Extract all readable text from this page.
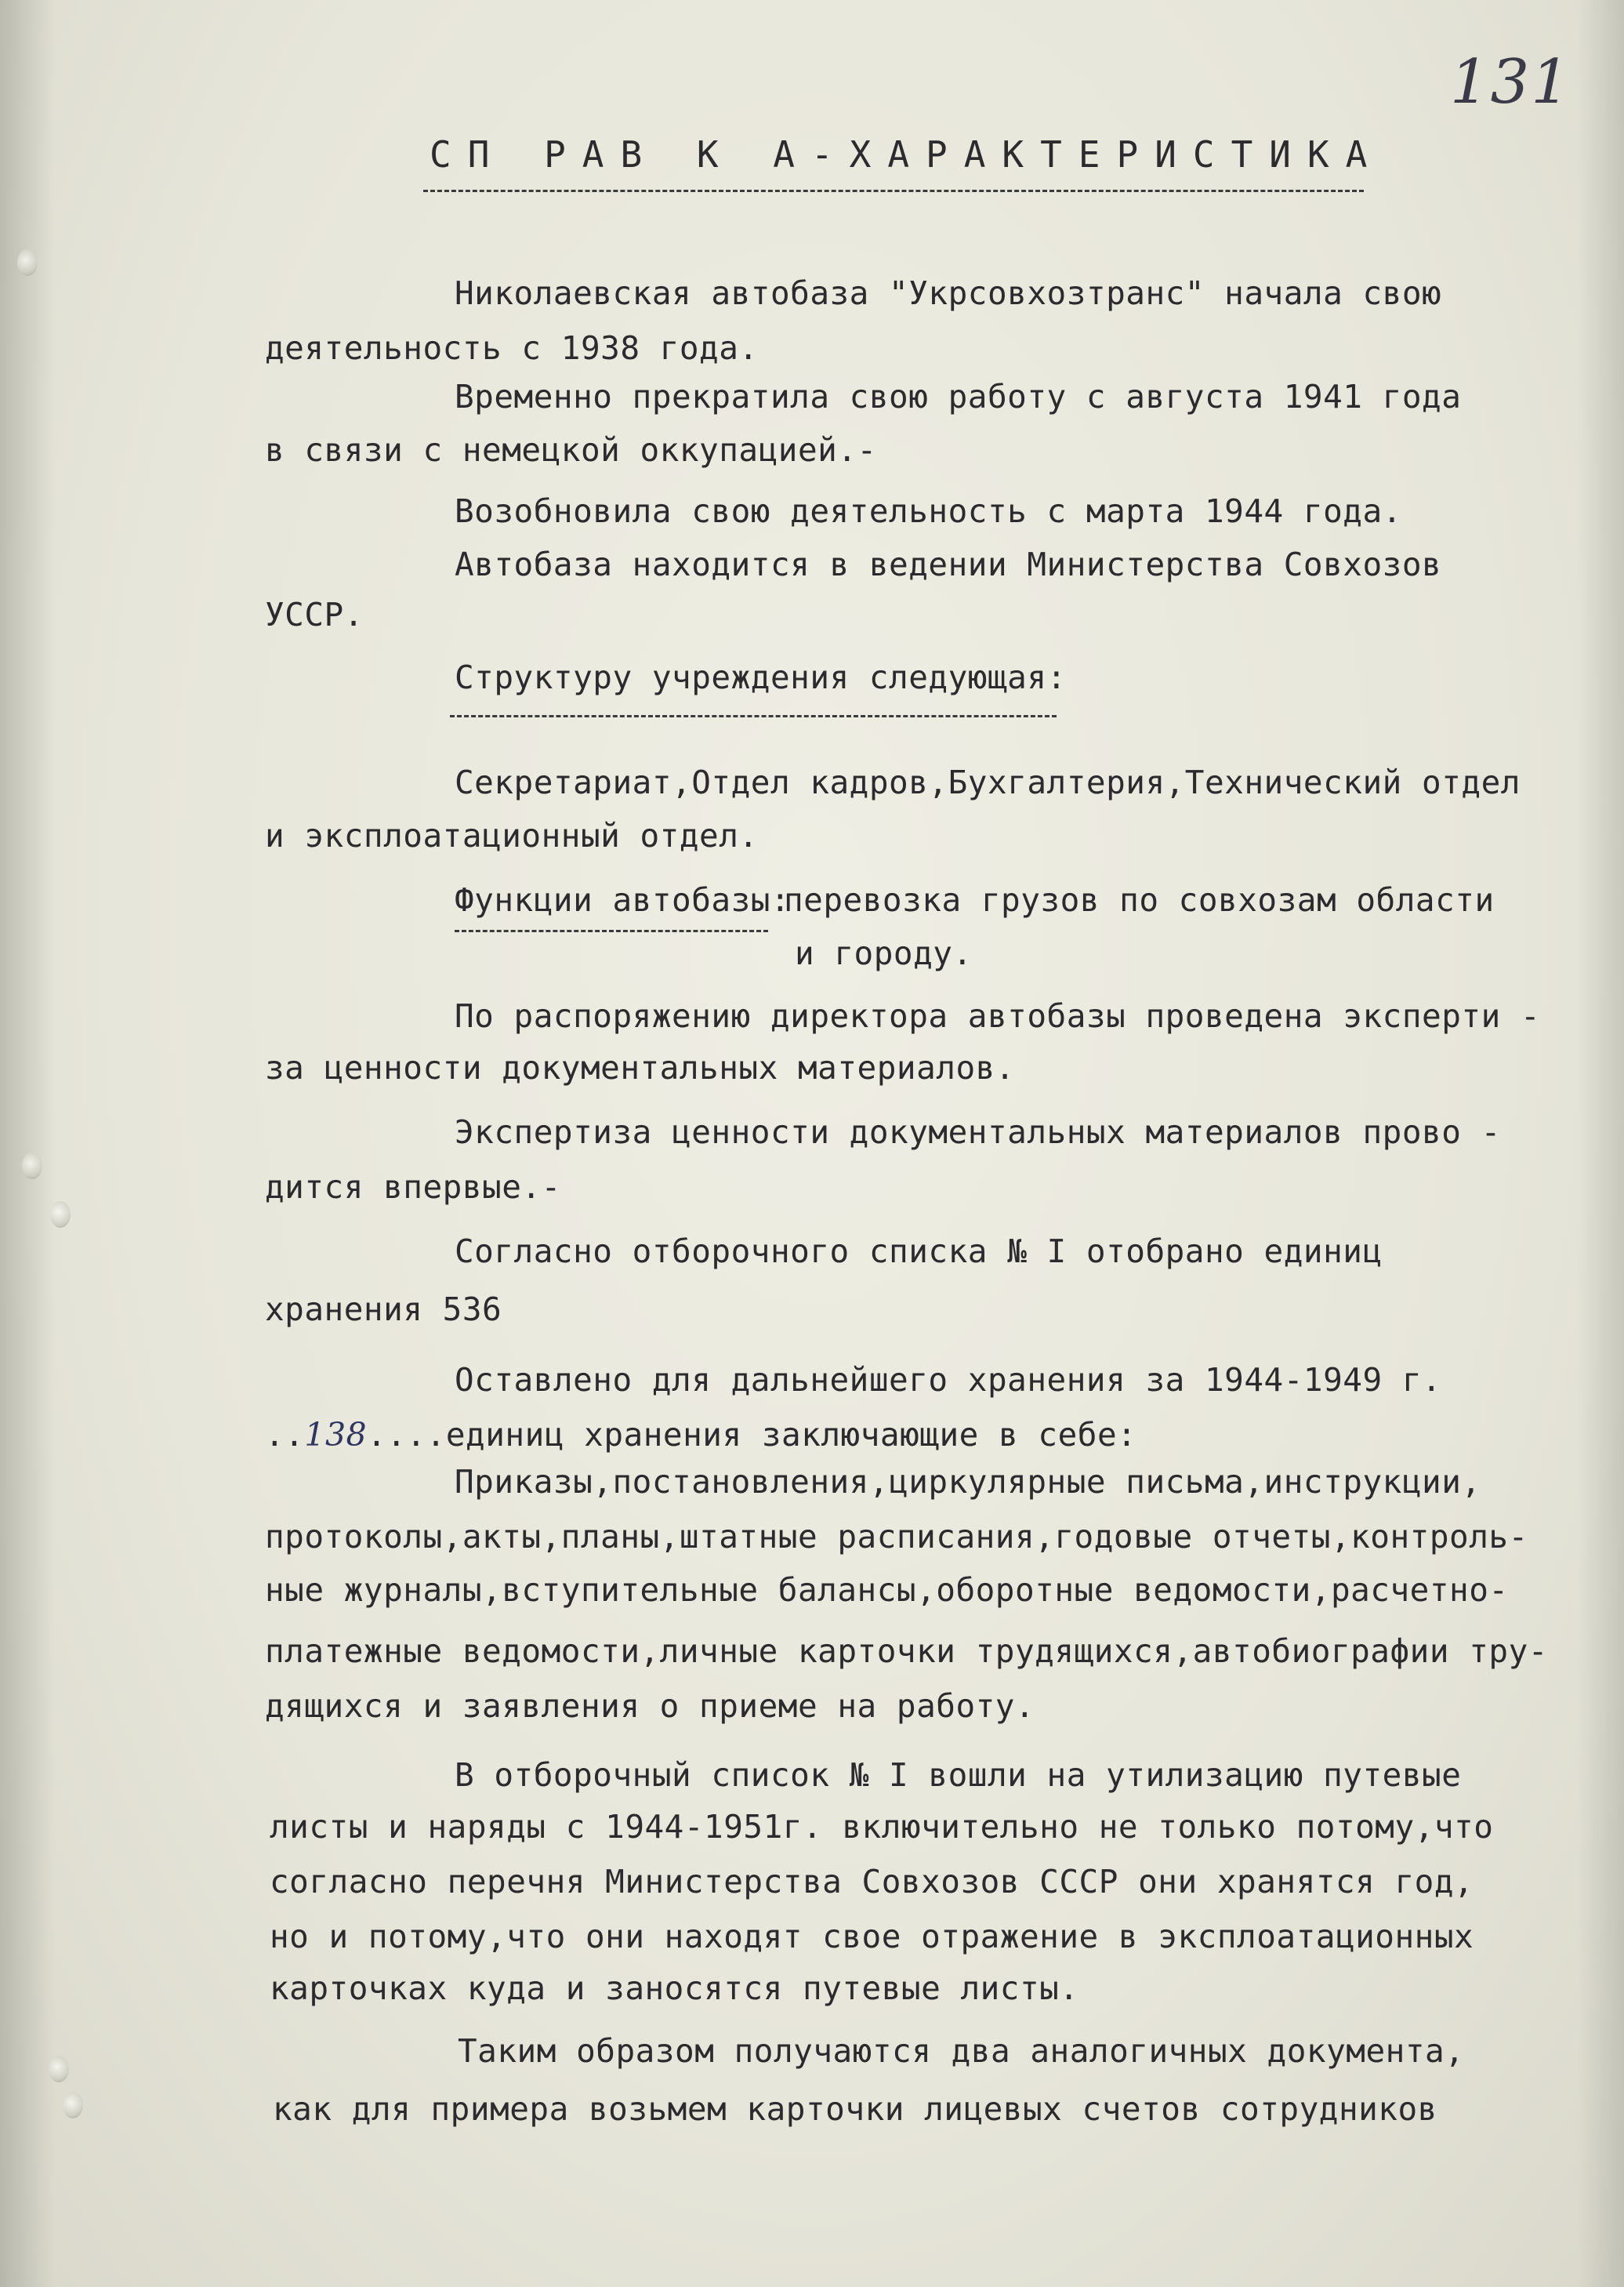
131
СП РАВ К А-ХАРАКТЕРИСТИКА
Николаевская автобаза "Укрсовхозтранс" начала свою
деятельность с 1938 года.
Временно прекратила свою работу с августа 1941 года
в связи с немецкой оккупацией.-
Возобновила свою деятельность с марта 1944 года.
Автобаза находится в ведении Министерства Совхозов
УССР.
Структуру учреждения следующая:
Секретариат,Отдел кадров,Бухгалтерия,Технический отдел
и эксплоатационный отдел.
Функции автобазы:
перевозка грузов по совхозам области
и городу.
По распоряжению директора автобазы проведена эксперти -
за ценности документальных материалов.
Экспертиза ценности документальных материалов прово -
дится впервые.-
Согласно отборочного списка № I отобрано единиц
хранения 536
Оставлено для дальнейшего хранения за 1944-1949 г.
..138....единиц хранения заключающие в себе:
Приказы,постановления,циркулярные письма,инструкции,
протоколы,акты,планы,штатные расписания,годовые отчеты,контроль-
ные журналы,вступительные балансы,оборотные ведомости,расчетно-
платежные ведомости,личные карточки трудящихся,автобиографии тру-
дящихся и заявления о приеме на работу.
В отборочный список № I вошли на утилизацию путевые
листы и наряды с 1944-1951г. включительно не только потому,что
согласно перечня Министерства Совхозов СССР они хранятся год,
но и потому,что они находят свое отражение в эксплоатационных
карточках куда и заносятся путевые листы.
Таким образом получаются два аналогичных документа,
как для примера возьмем карточки лицевых счетов сотрудников
